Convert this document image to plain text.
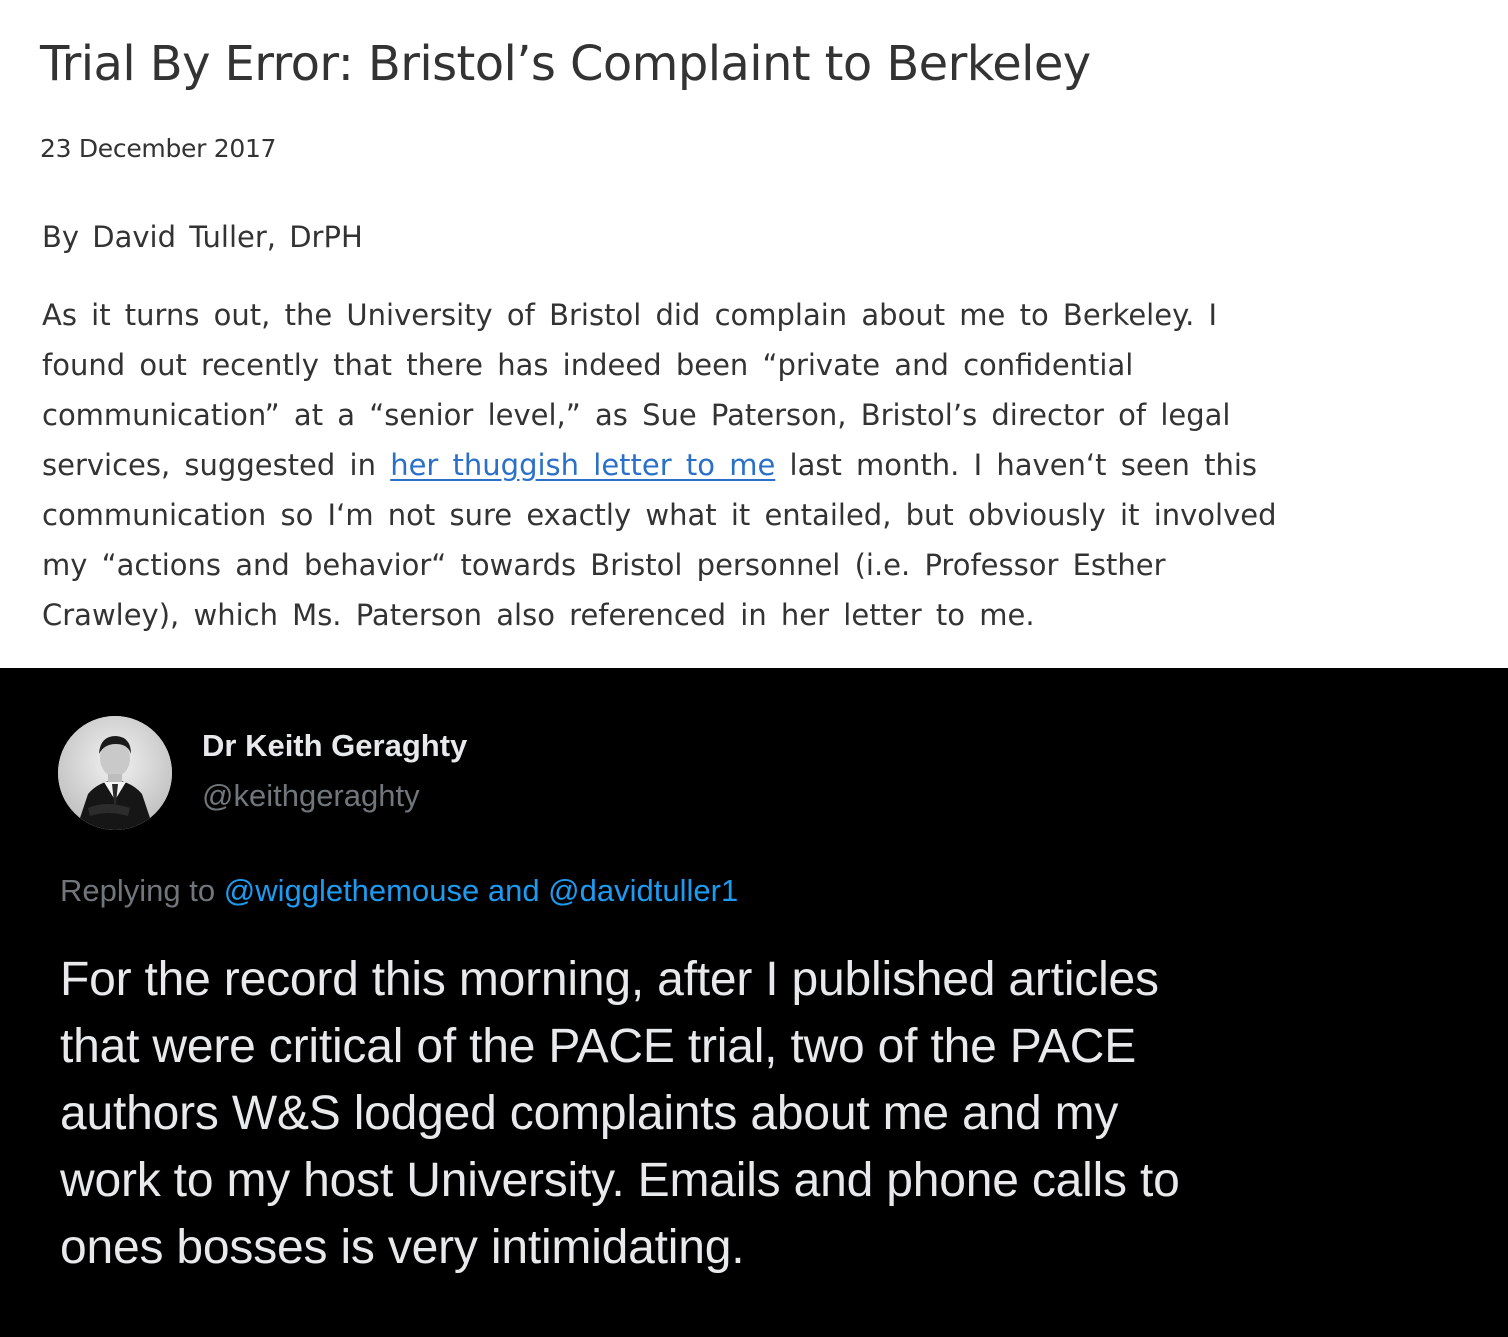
Trial By Error: Bristol’s Complaint to Berkeley
23 December 2017
By David Tuller, DrPH
As it turns out, the University of Bristol did complain about me to Berkeley. I
found out recently that there has indeed been “private and confidential
communication” at a “senior level,” as Sue Paterson, Bristol’s director of legal
services, suggested in her thuggish letter to me last month. I haven‘t seen this
communication so I‘m not sure exactly what it entailed, but obviously it involved
my “actions and behavior“ towards Bristol personnel (i.e. Professor Esther
Crawley), which Ms. Paterson also referenced in her letter to me.
Dr Keith Geraghty
@keithgeraghty
Replying to @wigglethemouse and @davidtuller1
For the record this morning, after I published articles
that were critical of the PACE trial, two of the PACE
authors W&S lodged complaints about me and my
work to my host University. Emails and phone calls to
ones bosses is very intimidating.
